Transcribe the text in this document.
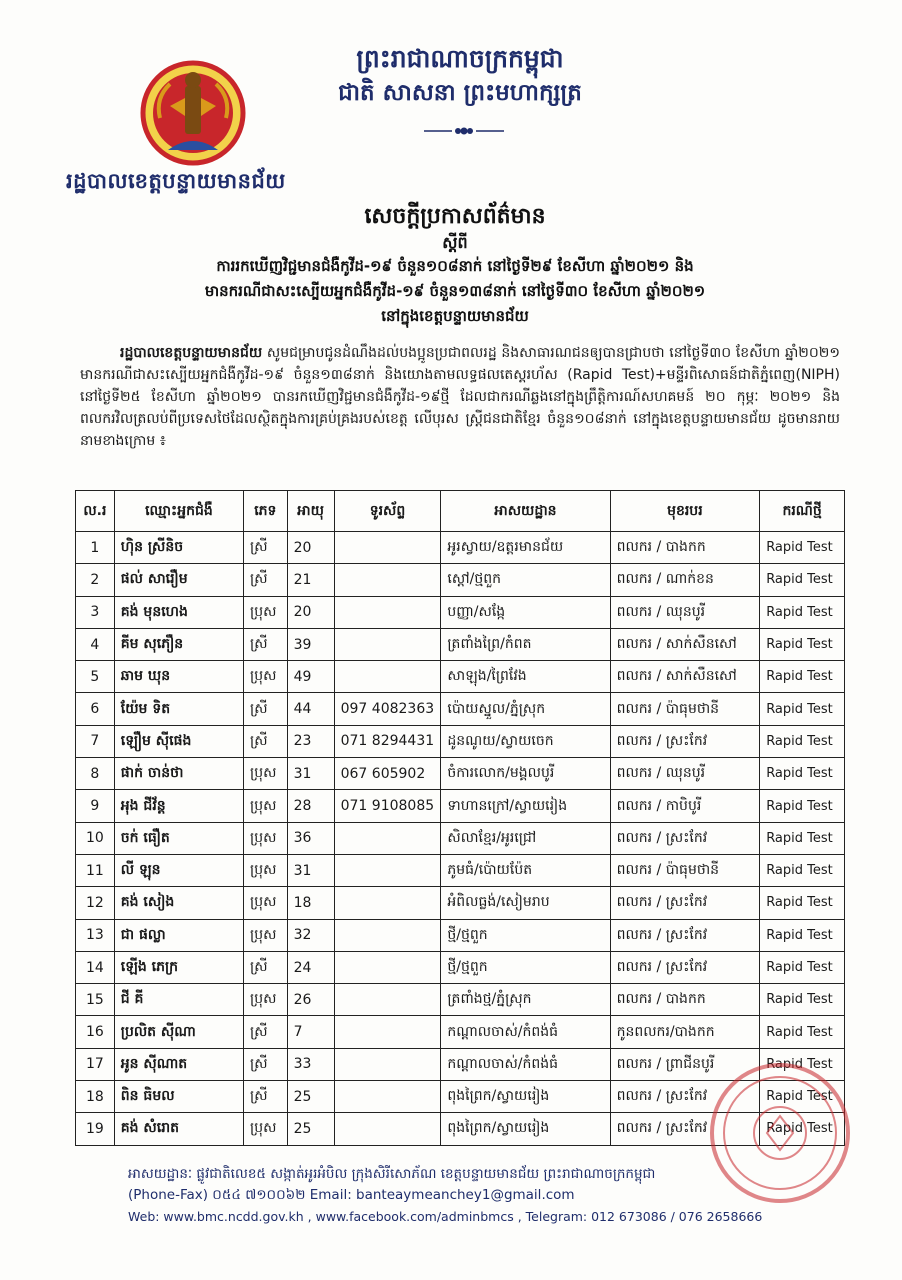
រដ្ឋបាលខេត្តបន្ទាយមានជ័យ
ព្រះរាជាណាចក្រកម្ពុជា
ជាតិ សាសនា ព្រះមហាក្សត្រ
សេចក្តីប្រកាសព័ត៌មាន
ស្តីពី
ការរកឃើញវិជ្ជមានជំងឺកូវីដ-១៩ ចំនួន១០៨នាក់ នៅថ្ងៃទី២៩ ខែសីហា ឆ្នាំ២០២១ និង
មានករណីជាសះស្បើយអ្នកជំងឺកូវីដ-១៩ ចំនួន១៣៨នាក់ នៅថ្ងៃទី៣០ ខែសីហា ឆ្នាំ២០២១
នៅក្នុងខេត្តបន្ទាយមានជ័យ
រដ្ឋបាលខេត្តបន្ទាយមានជ័យ សូមជម្រាបជូនដំណឹងដល់បងប្អូនប្រជាពលរដ្ឋ និងសាធារណជនឲ្យបានជ្រាបថា នៅថ្ងៃទី៣០ ខែសីហា ឆ្នាំ២០២១ មានករណីជាសះស្បើយអ្នកជំងឺកូវីដ-១៩ ចំនួន១៣៨នាក់ និងយោងតាមលទ្ធផលតេស្តរហ័ស (Rapid Test)+មន្ទីរពិសោធន៍ជាតិភ្នំពេញ(NIPH) នៅថ្ងៃទី២៥ ខែសីហា ឆ្នាំ២០២១ បានរកឃើញវិជ្ជមានជំងឺកូវីដ-១៩ថ្មី ដែលជាករណីឆ្លងនៅក្នុងព្រឹត្តិការណ៍សហគមន៍ ២០ កុម្ភៈ ២០២១ និងពលករវិលត្រលប់ពីប្រទេសថៃដែលស្ថិតក្នុងការគ្រប់គ្រងរបស់ខេត្ត លើបុរស ស្ត្រីជនជាតិខ្មែរ ចំនួន១០៨នាក់ នៅក្នុងខេត្តបន្ទាយមានជ័យ ដូចមានរាយនាមខាងក្រោម ៖
ល.រ	ឈ្មោះអ្នកជំងឺ	ភេទ	អាយុ	ទូរស័ព្ទ	អាសយដ្ឋាន	មុខរបរ	ករណីថ្មី
1	ហ៊ិន ស្រីនិច	ស្រី	20		អូរស្វាយ/ឧត្តរមានជ័យ	ពលករ / បាងកក	Rapid Test
2	ផល់ សារឿម	ស្រី	21		ស្តៅ/ថ្មពួក	ពលករ / ណាក់ខន	Rapid Test
3	គង់ មុនហេង	ប្រុស	20		បញ្ញា/សង្កែ	ពលករ / ឈុនបូរី	Rapid Test
4	គីម សុភឿន	ស្រី	39		ត្រពាំងព្រៃ/កំពត	ពលករ / សាក់សឺនសៅ	Rapid Test
5	ឆាម ឃុន	ប្រុស	49		សាឡុង/ព្រៃវែង	ពលករ / សាក់សឺនសៅ	Rapid Test
6	យ៉ែម ទិត	ស្រី	44	097 4082363	ប៉ោយស្នួល/ភ្នំស្រុក	ពលករ / ប៉ាធុមថានី	Rapid Test
7	ឡឿម ស៊ីផេង	ស្រី	23	071 8294431	ដូនណូយ/ស្វាយចេក	ពលករ / ស្រះកែវ	Rapid Test
8	ផាក់ ចាន់ថា	ប្រុស	31	067 605902	ចំការលោក/មង្គលបូរី	ពលករ / ឈុនបូរី	Rapid Test
9	អុង ជីវ័ន្ត	ប្រុស	28	071 9108085	ទាហានក្រៅ/ស្វាយរៀង	ពលករ / កាបិបូរី	Rapid Test
10	ចក់ ធឿត	ប្រុស	36		សិលាខ្មែរ/អូរជ្រៅ	ពលករ / ស្រះកែវ	Rapid Test
11	លី ឡុន	ប្រុស	31		ភូមធំ/ប៉ោយប៉ែត	ពលករ / ប៉ាធុមថានី	Rapid Test
12	គង់ សៀង	ប្រុស	18		អំពិលធ្លង់/សៀមរាប	ពលករ / ស្រះកែវ	Rapid Test
13	ជា ផល្លា	ប្រុស	32		ថ្មី/ថ្មពួក	ពលករ / ស្រះកែវ	Rapid Test
14	ឡើង ភេក្រ	ស្រី	24		ថ្មី/ថ្មពួក	ពលករ / ស្រះកែវ	Rapid Test
15	ជី គី	ប្រុស	26		ត្រពាំងថ្ម/ភ្នំស្រុក	ពលករ / បាងកក	Rapid Test
16	ប្រលិត ស៊ីណា	ស្រី	7		កណ្តាលចាស់/កំពង់ធំ	កូនពលករ/បាងកក	Rapid Test
17	អូន ស៊ីណាត	ស្រី	33		កណ្តាលចាស់/កំពង់ធំ	ពលករ / ព្រាជីនបូរី	Rapid Test
18	ពិន ធិមល	ស្រី	25		ពុងព្រៃក/ស្វាយរៀង	ពលករ / ស្រះកែវ	Rapid Test
19	គង់ សំរោត	ប្រុស	25		ពុងព្រៃក/ស្វាយរៀង	ពលករ / ស្រះកែវ	Rapid Test
អាសយដ្ឋានៈ ផ្លូវជាតិលេខ៥ សង្កាត់អូរអំបិល ក្រុងសិរីសោភ័ណ ខេត្តបន្ទាយមានជ័យ ព្រះរាជាណាចក្រកម្ពុជា
(Phone-Fax) ០៥៤ ៧១០០៦២ Email: banteaymeanchey1@gmail.com
Web: www.bmc.ncdd.gov.kh , www.facebook.com/adminbmcs , Telegram: 012 673086 / 076 2658666
